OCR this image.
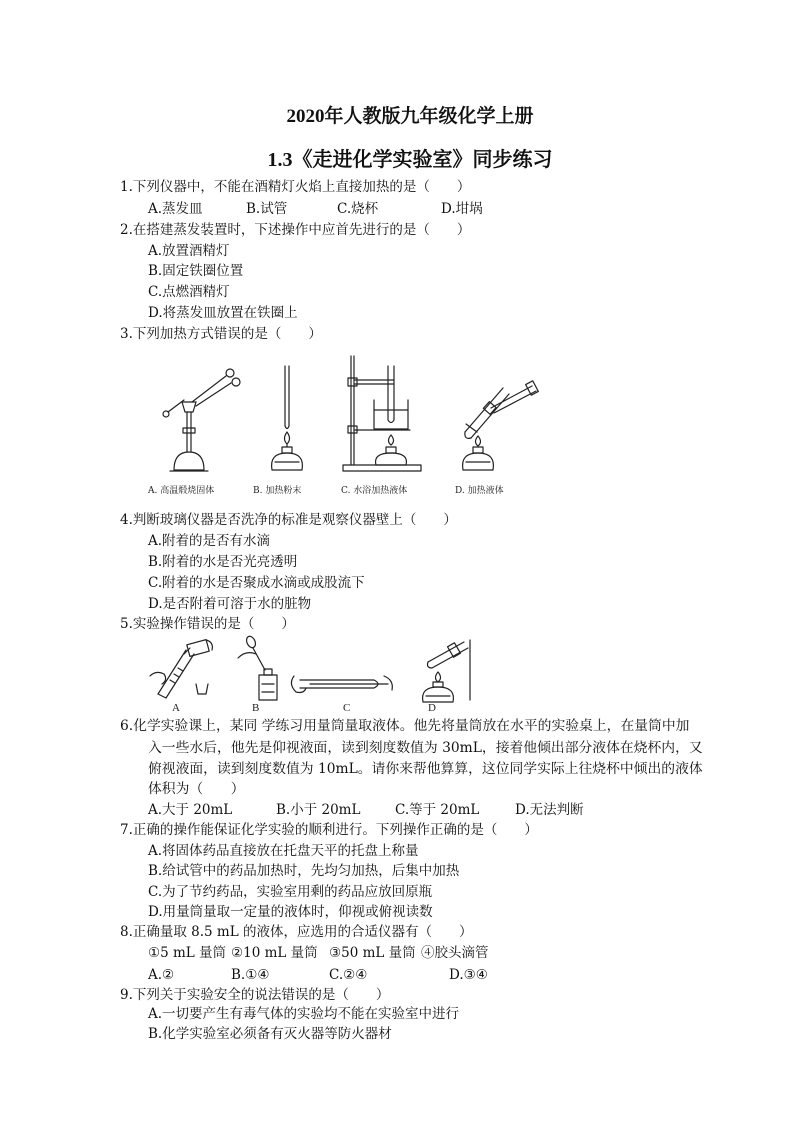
2020年人教版九年级化学上册
1.3《走进化学实验室》同步练习
1.下列仪器中，不能在酒精灯火焰上直接加热的是（　　）
A.蒸发皿	B.试管	C.烧杯	D.坩埚
2.在搭建蒸发装置时，下述操作中应首先进行的是（　　）
A.放置酒精灯
B.固定铁圈位置
C.点燃酒精灯
D.将蒸发皿放置在铁圈上
3.下列加热方式错误的是（　　）
A. 高温煅烧固体	B. 加热粉末	C. 水浴加热液体	D. 加热液体
4.判断玻璃仪器是否洗净的标准是观察仪器壁上（　　）
A.附着的是否有水滴
B.附着的水是否光亮透明
C.附着的水是否聚成水滴或成股流下
D.是否附着可溶于水的脏物
5.实验操作错误的是（　　）
A	B	C	D
6.化学实验课上，某同 学练习用量筒量取液体。他先将量筒放在水平的实验桌上，在量筒中加
入一些水后，他先是仰视液面，读到刻度数值为 30mL，接着他倾出部分液体在烧杯内，又
俯视液面，读到刻度数值为 10mL。请你来帮他算算，这位同学实际上往烧杯中倾出的液体
体积为（　　）
A.大于 20mL	B.小于 20mL	C.等于 20mL	D.无法判断
7.正确的操作能保证化学实验的顺利进行。下列操作正确的是（　　）
A.将固体药品直接放在托盘天平的托盘上称量
B.给试管中的药品加热时，先均匀加热，后集中加热
C.为了节约药品，实验室用剩的药品应放回原瓶
D.用量筒量取一定量的液体时，仰视或俯视读数
8.正确量取 8.5 mL 的液体，应选用的合适仪器有（　　）
①5 mL 量筒 ②10 mL 量筒 ③50 mL 量筒 ④胶头滴管
A.②	B.①④	C.②④	D.③④
9.下列关于实验安全的说法错误的是（　　）
A.一切要产生有毒气体的实验均不能在实验室中进行
B.化学实验室必须备有灭火器等防火器材
